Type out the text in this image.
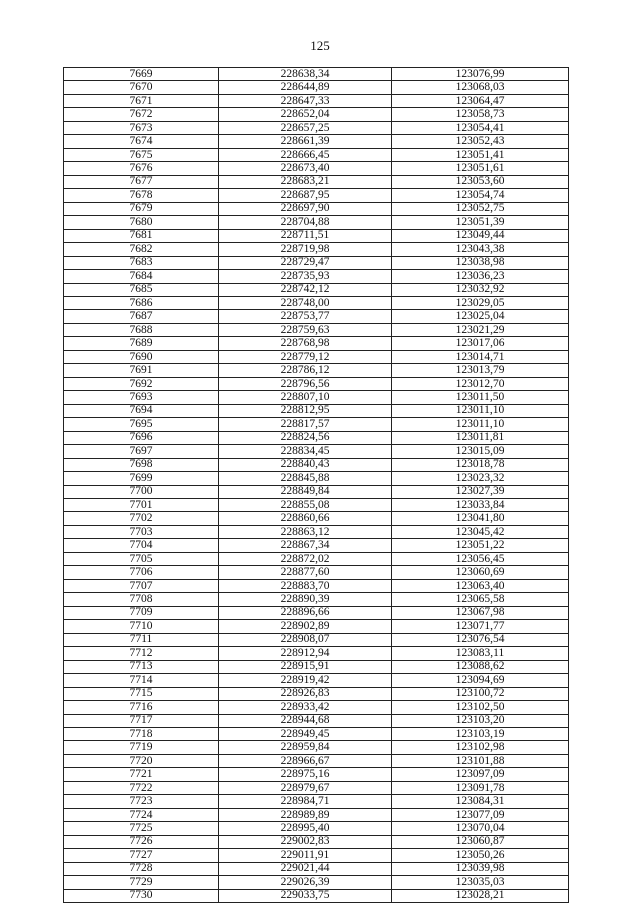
125
7669	228638,34	123076,99
7670	228644,89	123068,03
7671	228647,33	123064,47
7672	228652,04	123058,73
7673	228657,25	123054,41
7674	228661,39	123052,43
7675	228666,45	123051,41
7676	228673,40	123051,61
7677	228683,21	123053,60
7678	228687,95	123054,74
7679	228697,90	123052,75
7680	228704,88	123051,39
7681	228711,51	123049,44
7682	228719,98	123043,38
7683	228729,47	123038,98
7684	228735,93	123036,23
7685	228742,12	123032,92
7686	228748,00	123029,05
7687	228753,77	123025,04
7688	228759,63	123021,29
7689	228768,98	123017,06
7690	228779,12	123014,71
7691	228786,12	123013,79
7692	228796,56	123012,70
7693	228807,10	123011,50
7694	228812,95	123011,10
7695	228817,57	123011,10
7696	228824,56	123011,81
7697	228834,45	123015,09
7698	228840,43	123018,78
7699	228845,88	123023,32
7700	228849,84	123027,39
7701	228855,08	123033,84
7702	228860,66	123041,80
7703	228863,12	123045,42
7704	228867,34	123051,22
7705	228872,02	123056,45
7706	228877,60	123060,69
7707	228883,70	123063,40
7708	228890,39	123065,58
7709	228896,66	123067,98
7710	228902,89	123071,77
7711	228908,07	123076,54
7712	228912,94	123083,11
7713	228915,91	123088,62
7714	228919,42	123094,69
7715	228926,83	123100,72
7716	228933,42	123102,50
7717	228944,68	123103,20
7718	228949,45	123103,19
7719	228959,84	123102,98
7720	228966,67	123101,88
7721	228975,16	123097,09
7722	228979,67	123091,78
7723	228984,71	123084,31
7724	228989,89	123077,09
7725	228995,40	123070,04
7726	229002,83	123060,87
7727	229011,91	123050,26
7728	229021,44	123039,98
7729	229026,39	123035,03
7730	229033,75	123028,21
